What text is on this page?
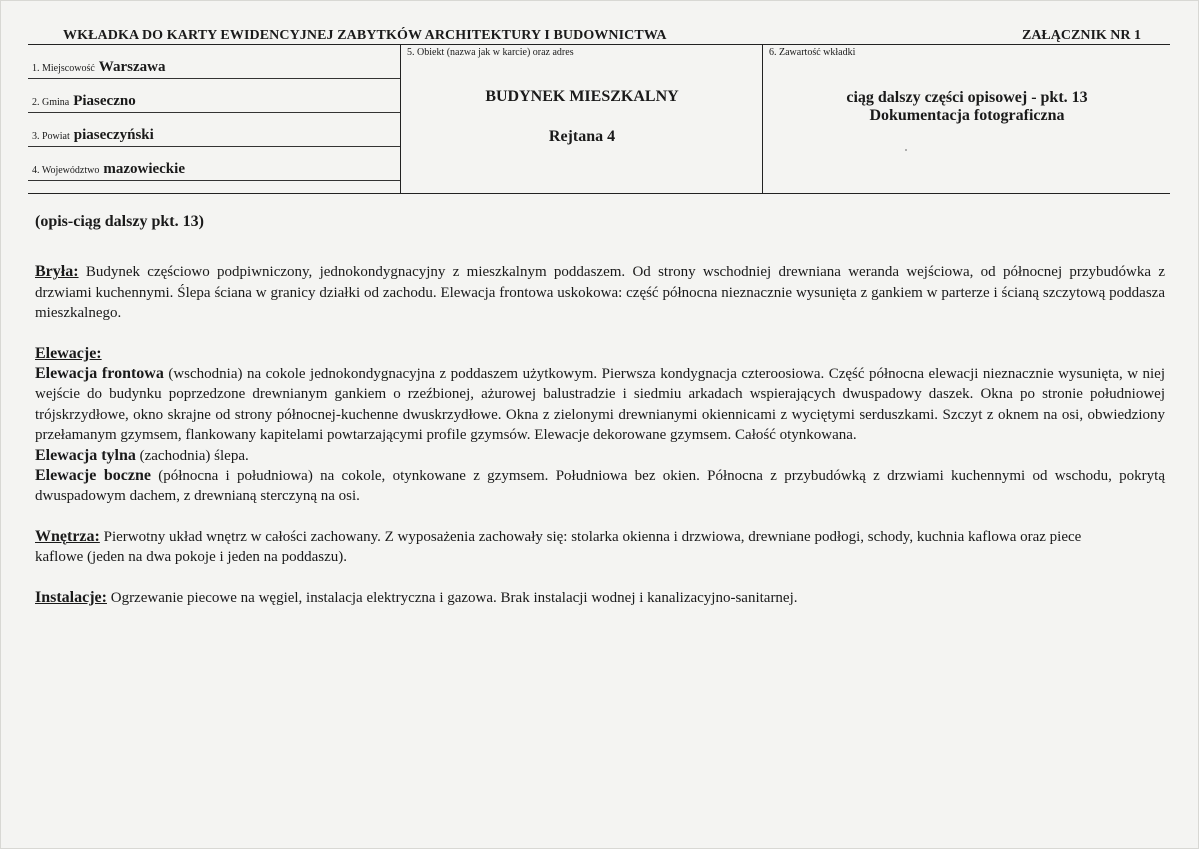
WKŁADKA DO KARTY EWIDENCYJNEJ ZABYTKÓW ARCHITEKTURY I BUDOWNICTWA	ZAŁĄCZNIK NR 1
1. Miejscowość Warszawa
2. Gmina Piaseczno
3. Powiat piaseczyński
4. Województwo mazowieckie
5. Obiekt (nazwa jak w karcie) oraz adres
BUDYNEK MIESZKALNY
Rejtana 4
6. Zawartość wkładki
ciąg dalszy części opisowej - pkt. 13
Dokumentacja fotograficzna

(opis-ciąg dalszy pkt. 13)

Bryła: Budynek częściowo podpiwniczony, jednokondygnacyjny z mieszkalnym poddaszem. Od strony wschodniej drewniana weranda wejściowa, od północnej przybudówka z drzwiami kuchennymi. Ślepa ściana w granicy działki od zachodu. Elewacja frontowa uskokowa: część północna nieznacznie wysunięta z gankiem w parterze i ścianą szczytową poddasza mieszkalnego.

Elewacje:

Elewacja frontowa (wschodnia) na cokole jednokondygnacyjna z poddaszem użytkowym. Pierwsza kondygnacja czteroosiowa. Część północna elewacji nieznacznie wysunięta, w niej wejście do budynku poprzedzone drewnianym gankiem o rzeźbionej, ażurowej balustradzie i siedmiu arkadach wspierających dwuspadowy daszek. Okna po stronie południowej trójskrzydłowe, okno skrajne od strony północnej-kuchenne dwuskrzydłowe. Okna z zielonymi drewnianymi okiennicami z wyciętymi serduszkami. Szczyt z oknem na osi, obwiedziony przełamanym gzymsem, flankowany kapitelami powtarzającymi profile gzymsów. Elewacje dekorowane gzymsem. Całość otynkowana.

Elewacja tylna (zachodnia) ślepa.

Elewacje boczne (północna i południowa) na cokole, otynkowane z gzymsem. Południowa bez okien. Północna z przybudówką z drzwiami kuchennymi od wschodu, pokrytą dwuspadowym dachem, z drewnianą sterczyną na osi.

Wnętrza: Pierwotny układ wnętrz w całości zachowany. Z wyposażenia zachowały się: stolarka okienna i drzwiowa, drewniane podłogi, schody, kuchnia kaflowa oraz piece kaflowe (jeden na dwa pokoje i jeden na poddaszu).

Instalacje: Ogrzewanie piecowe na węgiel, instalacja elektryczna i gazowa. Brak instalacji wodnej i kanalizacyjno-sanitarnej.
